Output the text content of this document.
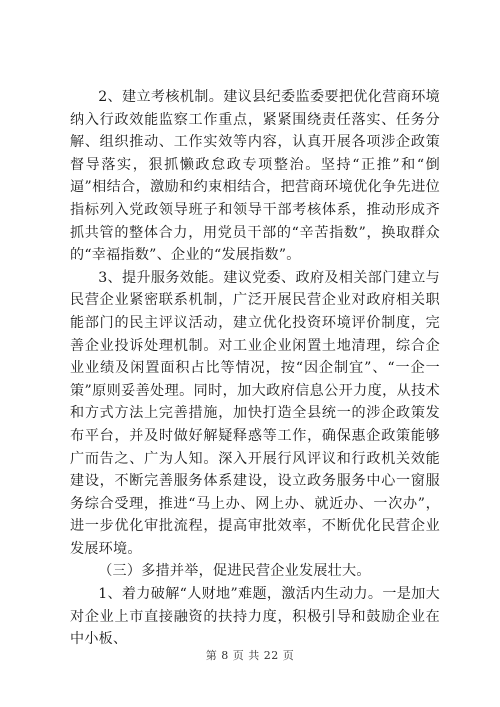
2、建立考核机制。建议县纪委监委要把优化营商环境纳入行政效能监察工作重点，紧紧围绕责任落实、任务分解、组织推动、工作实效等内容，认真开展各项涉企政策督导落实，狠抓懒政怠政专项整治。坚持“正推”和“倒逼”相结合，激励和约束相结合，把营商环境优化争先进位指标列入党政领导班子和领导干部考核体系，推动形成齐抓共管的整体合力，用党员干部的“辛苦指数”，换取群众的“幸福指数”、企业的“发展指数”。

3、提升服务效能。建议党委、政府及相关部门建立与民营企业紧密联系机制，广泛开展民营企业对政府相关职能部门的民主评议活动，建立优化投资环境评价制度，完善企业投诉处理机制。对工业企业闲置土地清理，综合企业业绩及闲置面积占比等情况，按“因企制宜”、“一企一策”原则妥善处理。同时，加大政府信息公开力度，从技术和方式方法上完善措施，加快打造全县统一的涉企政策发布平台，并及时做好解疑释惑等工作，确保惠企政策能够广而告之、广为人知。深入开展行风评议和行政机关效能建设，不断完善服务体系建设，设立政务服务中心一窗服务综合受理，推进“马上办、网上办、就近办、一次办”，进一步优化审批流程，提高审批效率，不断优化民营企业发展环境。

（三）多措并举，促进民营企业发展壮大。

1、着力破解“人财地”难题，激活内生动力。一是加大对企业上市直接融资的扶持力度，积极引导和鼓励企业在中小板、

第 8 页 共 22 页
